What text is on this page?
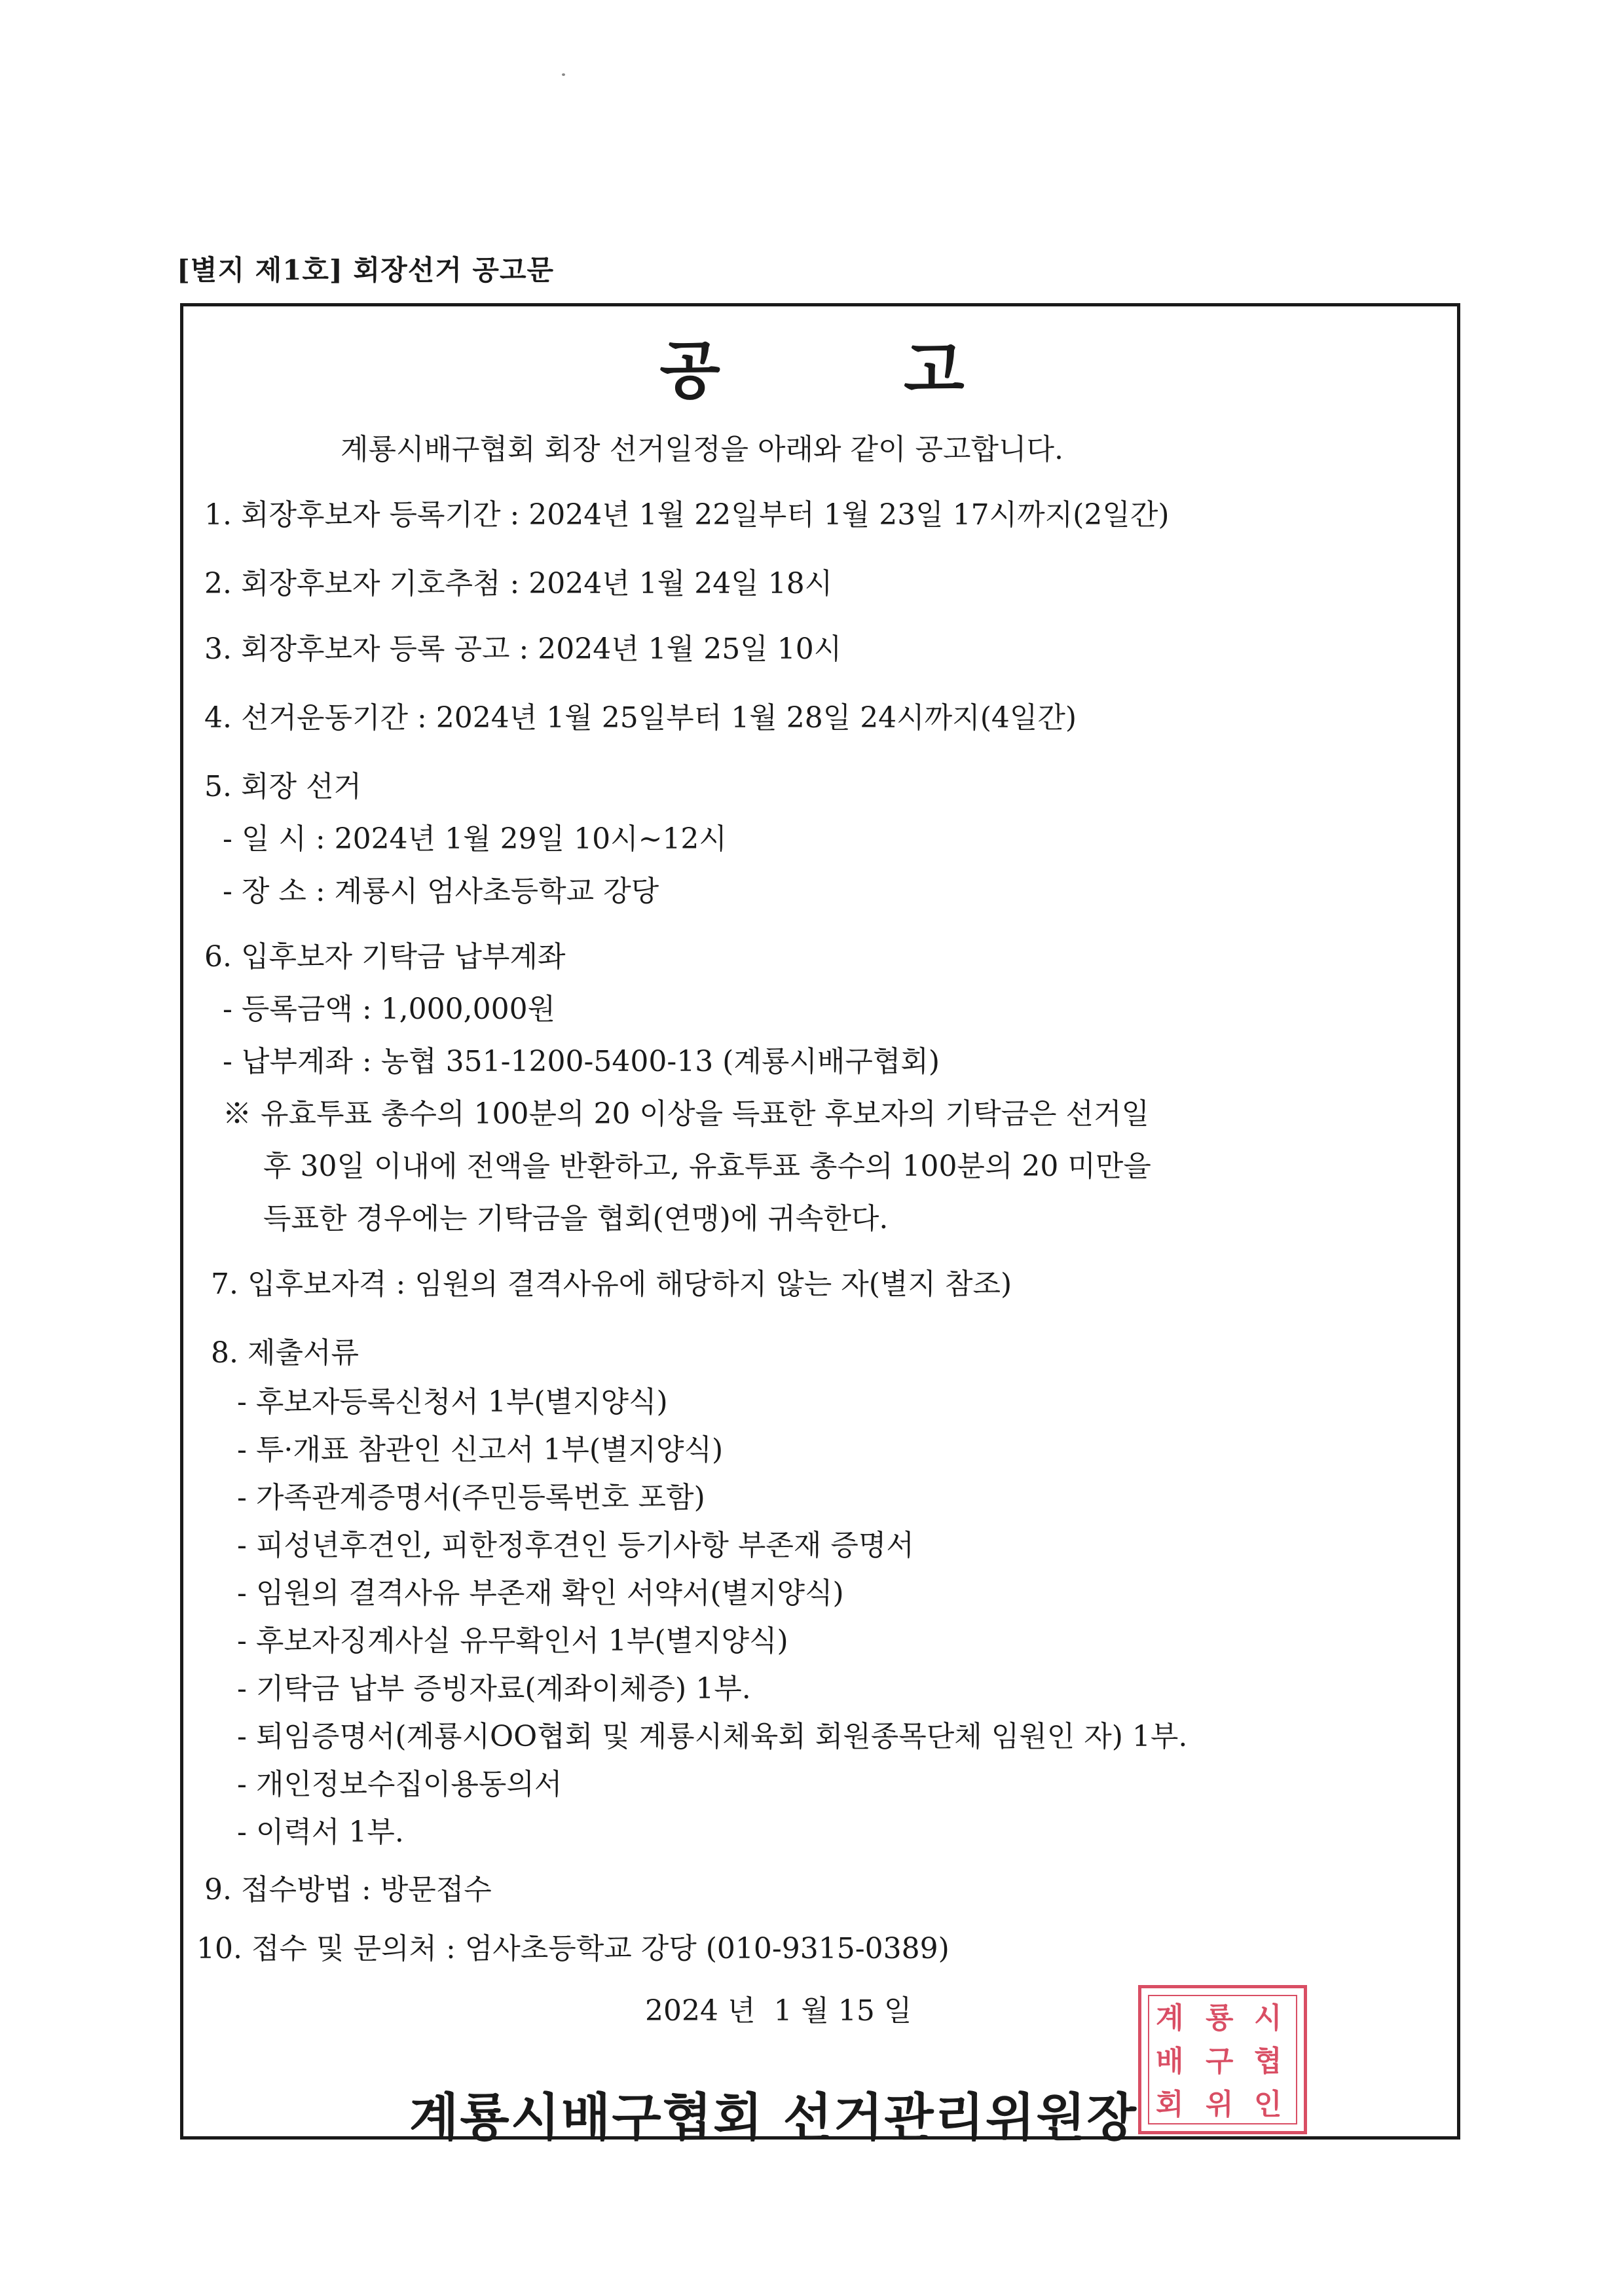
[별지 제1호] 회장선거 공고문
공	고
계룡시배구협회 회장 선거일정을 아래와 같이 공고합니다.
1. 회장후보자 등록기간 : 2024년 1월 22일부터 1월 23일 17시까지(2일간)
2. 회장후보자 기호추첨 : 2024년 1월 24일 18시
3. 회장후보자 등록 공고 : 2024년 1월 25일 10시
4. 선거운동기간 : 2024년 1월 25일부터 1월 28일 24시까지(4일간)
5. 회장 선거
- 일 시 : 2024년 1월 29일 10시~12시
- 장 소 : 계룡시 엄사초등학교 강당
6. 입후보자 기탁금 납부계좌
- 등록금액 : 1,000,000원
- 납부계좌 : 농협 351-1200-5400-13 (계룡시배구협회)
※ 유효투표 총수의 100분의 20 이상을 득표한 후보자의 기탁금은 선거일
후 30일 이내에 전액을 반환하고, 유효투표 총수의 100분의 20 미만을
득표한 경우에는 기탁금을 협회(연맹)에 귀속한다.
7. 입후보자격 : 임원의 결격사유에 해당하지 않는 자(별지 참조)
8. 제출서류
- 후보자등록신청서 1부(별지양식)
- 투·개표 참관인 신고서 1부(별지양식)
- 가족관계증명서(주민등록번호 포함)
- 피성년후견인, 피한정후견인 등기사항 부존재 증명서
- 임원의 결격사유 부존재 확인 서약서(별지양식)
- 후보자징계사실 유무확인서 1부(별지양식)
- 기탁금 납부 증빙자료(계좌이체증) 1부.
- 퇴임증명서(계룡시OO협회 및 계룡시체육회 회원종목단체 임원인 자) 1부.
- 개인정보수집이용동의서
- 이력서 1부.
9. 접수방법 : 방문접수
10. 접수 및 문의처 : 엄사초등학교 강당 (010-9315-0389)
2024 년  1 월 15 일
계룡시배구협회 선거관리위원장
계 룡 시
배 구 협
회 위 인
